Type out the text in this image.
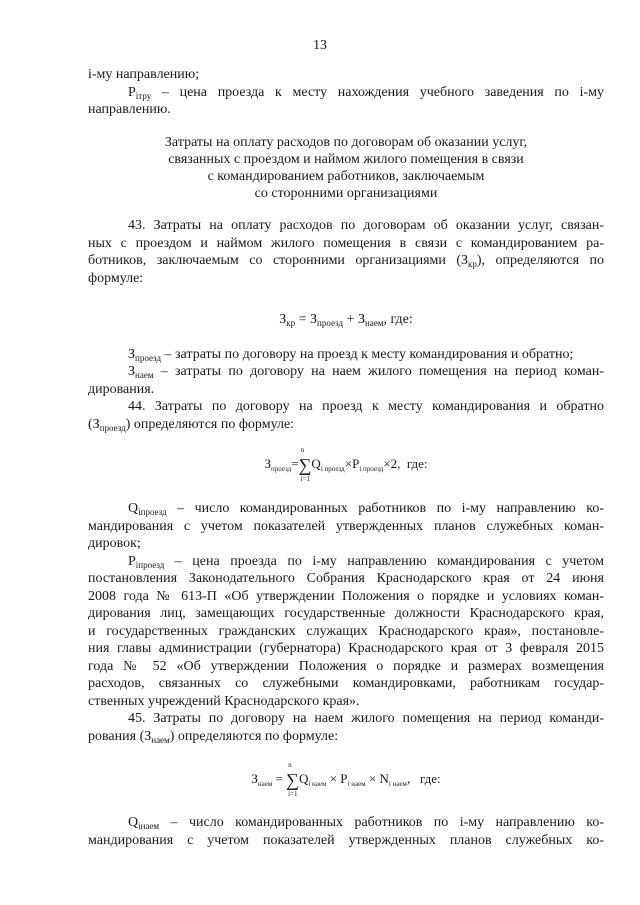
13
i-му направлению;
$P_{iтру}$ – цена проезда к месту нахождения учебного заведения по i-му
направлению.
Затраты на оплату расходов по договорам об оказании услуг,
связанных с проездом и наймом жилого помещения в связи
с командированием работников, заключаемым
со сторонними организациями
43. Затраты на оплату расходов по договорам об оказании услуг, связан-
ных с проездом и наймом жилого помещения в связи с командированием ра-
ботников, заключаемым со сторонними организациями $(З_{кр})$, определяются по
формуле:
$З_{кр} = З_{проезд} + З_{наем}$, где:
$З_{проезд}$ – затраты по договору на проезд к месту командирования и обратно;
$З_{наем}$ – затраты по договору на наем жилого помещения на период коман-
дирования.
44. Затраты по договору на проезд к месту командирования и обратно
$(З_{проезд})$ определяются по формуле:
$З_{проезд}=$
n
∑
i=1
$Q_{i проезд}\times P_{i проезд}\times 2$, где:
$Q_{iпроезд}$ – число командированных работников по i-му направлению ко-
мандирования с учетом показателей утвержденных планов служебных коман-
дировок;
$P_{iпроезд}$ – цена проезда по i-му направлению командирования с учетом
постановления Законодательного Собрания Краснодарского края от 24 июня
2008 года № 613-П «Об утверждении Положения о порядке и условиях коман-
дирования лиц, замещающих государственные должности Краснодарского края,
и государственных гражданских служащих Краснодарского края», постановле-
ния главы администрации (губернатора) Краснодарского края от 3 февраля 2015
года № 52 «Об утверждении Положения о порядке и размерах возмещения
расходов, связанных со служебными командировками, работникам государ-
ственных учреждений Краснодарского края».
45. Затраты по договору на наем жилого помещения на период команди-
рования $(З_{наем})$ определяются по формуле:
$З_{наем}$ =
n
∑
i=1
$Q_{i наем} \times P_{i наем} \times N_{i наем}$, где:
$Q_{iнаем}$ – число командированных работников по i-му направлению ко-
мандирования с учетом показателей утвержденных планов служебных ко-
